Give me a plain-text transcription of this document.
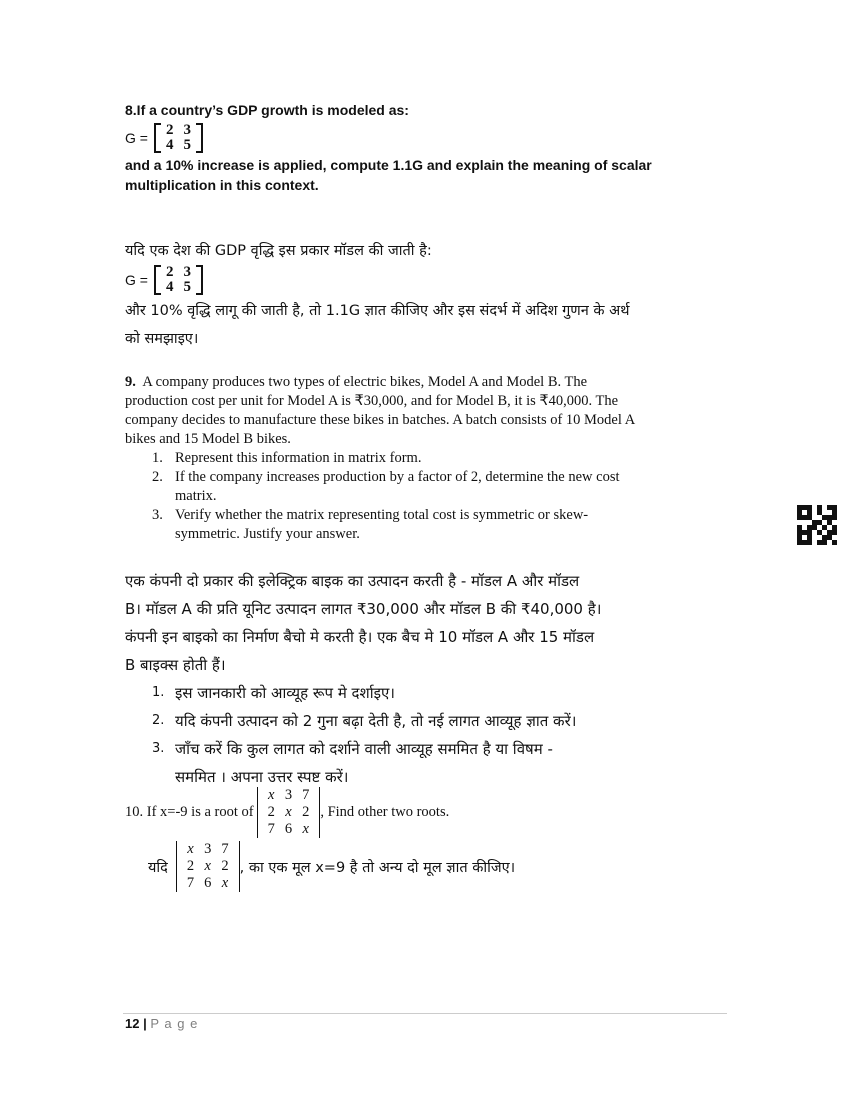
8.If a country’s GDP growth is modeled as:
G = 2	3
4	5
and a 10% increase is applied, compute 1.1G and explain the meaning of scalar
multiplication in this context.
यदि एक देश की GDP वृद्धि इस प्रकार मॉडल की जाती है:
G = 2	3
4	5
और 10% वृद्धि लागू की जाती है, तो 1.1G ज्ञात कीजिए और इस संदर्भ में अदिश गुणन के अर्थ
को समझाइए।
9. A company produces two types of electric bikes, Model A and Model B. The
production cost per unit for Model A is ₹30,000, and for Model B, it is ₹40,000. The
company decides to manufacture these bikes in batches. A batch consists of 10 Model A
bikes and 15 Model B bikes.
1. Represent this information in matrix form.
2. If the company increases production by a factor of 2, determine the new cost
matrix.
3. Verify whether the matrix representing total cost is symmetric or skew-
symmetric. Justify your answer.
एक कंपनी दो प्रकार की इलेक्ट्रिक बाइक का उत्पादन करती है - मॉडल A और मॉडल
B। मॉडल A की प्रति यूनिट उत्पादन लागत ₹30,000 और मॉडल B की ₹40,000 है।
कंपनी इन बाइको का निर्माण बैचो मे करती है। एक बैच मे 10 मॉडल A और 15 मॉडल
B बाइक्स होती हैं।
1. इस जानकारी को आव्यूह रूप मे दर्शाइए।
2. यदि कंपनी उत्पादन को 2 गुना बढ़ा देती है, तो नई लागत आव्यूह ज्ञात करें।
3. जाँच करें कि कुल लागत को दर्शाने वाली आव्यूह सममित है या विषम -
सममित । अपना उत्तर स्पष्ट करें।
10. If x=-9 is a root of
x	3	7
2	x	2
7	6	x
, Find other two roots.
यदि
x	3	7
2	x	2
7	6	x
, का एक मूल x=9 है तो अन्य दो मूल ज्ञात कीजिए।
12 | P a g e
